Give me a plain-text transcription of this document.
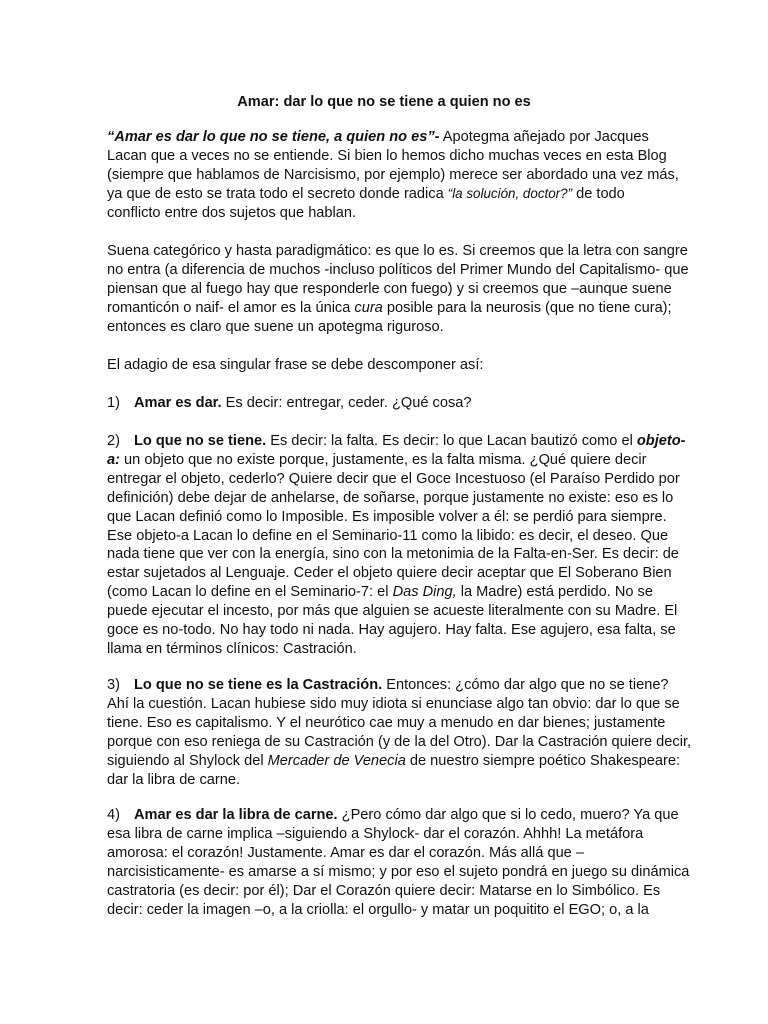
Amar: dar lo que no se tiene a quien no es
“Amar es dar lo que no se tiene, a quien no es”- Apotegma añejado por Jacques
Lacan que a veces no se entiende. Si bien lo hemos dicho muchas veces en esta Blog
(siempre que hablamos de Narcisismo, por ejemplo) merece ser abordado una vez más,
ya que de esto se trata todo el secreto donde radica “la solución, doctor?” de todo
conflicto entre dos sujetos que hablan.
Suena categórico y hasta paradigmático: es que lo es. Si creemos que la letra con sangre
no entra (a diferencia de muchos -incluso políticos del Primer Mundo del Capitalismo- que
piensan que al fuego hay que responderle con fuego) y si creemos que –aunque suene
romanticón o naif- el amor es la única cura posible para la neurosis (que no tiene cura);
entonces es claro que suene un apotegma riguroso.
El adagio de esa singular frase se debe descomponer así:
1) Amar es dar. Es decir: entregar, ceder. ¿Qué cosa?
2) Lo que no se tiene. Es decir: la falta. Es decir: lo que Lacan bautizó como el objeto-
a: un objeto que no existe porque, justamente, es la falta misma. ¿Qué quiere decir
entregar el objeto, cederlo? Quiere decir que el Goce Incestuoso (el Paraíso Perdido por
definición) debe dejar de anhelarse, de soñarse, porque justamente no existe: eso es lo
que Lacan definió como lo Imposible. Es imposible volver a él: se perdió para siempre.
Ese objeto-a Lacan lo define en el Seminario-11 como la libido: es decir, el deseo. Que
nada tiene que ver con la energía, sino con la metonimia de la Falta-en-Ser. Es decir: de
estar sujetados al Lenguaje. Ceder el objeto quiere decir aceptar que El Soberano Bien
(como Lacan lo define en el Seminario-7: el Das Ding, la Madre) está perdido. No se
puede ejecutar el incesto, por más que alguien se acueste literalmente con su Madre. El
goce es no-todo. No hay todo ni nada. Hay agujero. Hay falta. Ese agujero, esa falta, se
llama en términos clínicos: Castración.
3) Lo que no se tiene es la Castración. Entonces: ¿cómo dar algo que no se tiene?
Ahí la cuestión. Lacan hubiese sido muy idiota si enunciase algo tan obvio: dar lo que se
tiene. Eso es capitalismo. Y el neurótico cae muy a menudo en dar bienes; justamente
porque con eso reniega de su Castración (y de la del Otro). Dar la Castración quiere decir,
siguiendo al Shylock del Mercader de Venecia de nuestro siempre poético Shakespeare:
dar la libra de carne.
4) Amar es dar la libra de carne. ¿Pero cómo dar algo que si lo cedo, muero? Ya que
esa libra de carne implica –siguiendo a Shylock- dar el corazón. Ahhh! La metáfora
amorosa: el corazón! Justamente. Amar es dar el corazón. Más allá que –
narcisisticamente- es amarse a sí mismo; y por eso el sujeto pondrá en juego su dinámica
castratoria (es decir: por él); Dar el Corazón quiere decir: Matarse en lo Simbólico. Es
decir: ceder la imagen –o, a la criolla: el orgullo- y matar un poquitito el EGO; o, a la
